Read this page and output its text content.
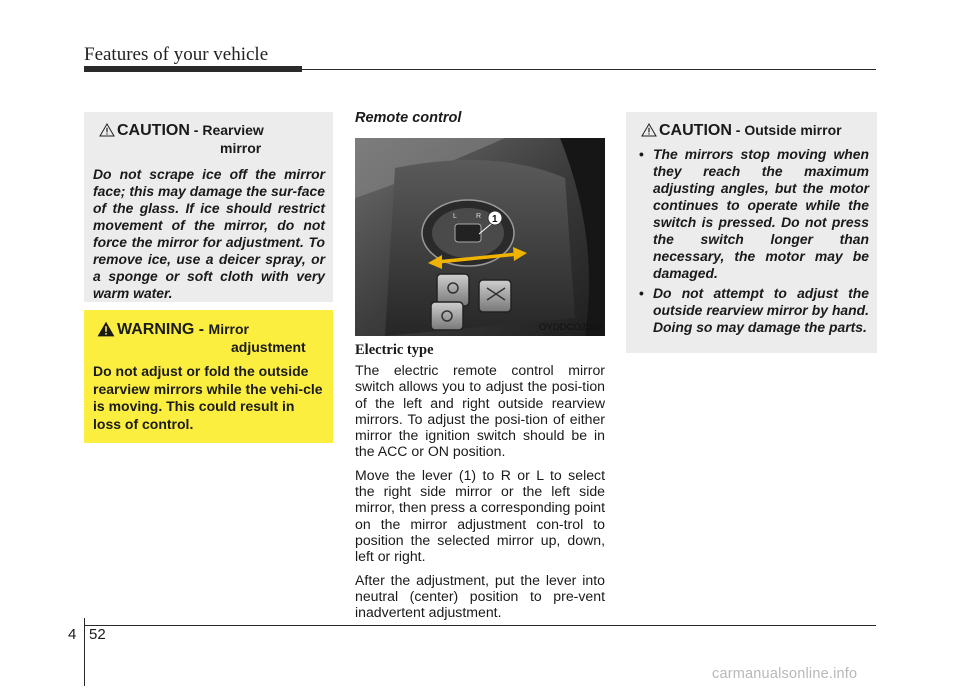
Features of your vehicle
CAUTION - Rearview
mirror
Do not scrape ice off the mirror face; this may damage the sur-face of the glass. If ice should restrict movement of the mirror, do not force the mirror for adjustment. To remove ice, use a deicer spray, or a sponge or soft cloth with very warm water.
WARNING - Mirror
adjustment
Do not adjust or fold the outside rearview mirrors while the vehi-cle is moving. This could result in loss of control.
Remote control
R
L	1
OYDDCO2039
Electric type

The electric remote control mirror switch allows you to adjust the posi-tion of the left and right outside rearview mirrors. To adjust the posi-tion of either mirror the ignition switch should be in the ACC or ON position.

Move the lever (1) to R or L to select the right side mirror or the left side mirror, then press a corresponding point on the mirror adjustment con-trol to position the selected mirror up, down, left or right.

After the adjustment, put the lever into neutral (center) position to pre-vent inadvertent adjustment.

CAUTION - Outside mirror
• The mirrors stop moving when they reach the maximum adjusting angles, but the motor continues to operate while the switch is pressed. Do not press the switch longer than necessary, the motor may be damaged.
• Do not attempt to adjust the outside rearview mirror by hand. Doing so may damage the parts.
4 52
carmanualsonline.info
